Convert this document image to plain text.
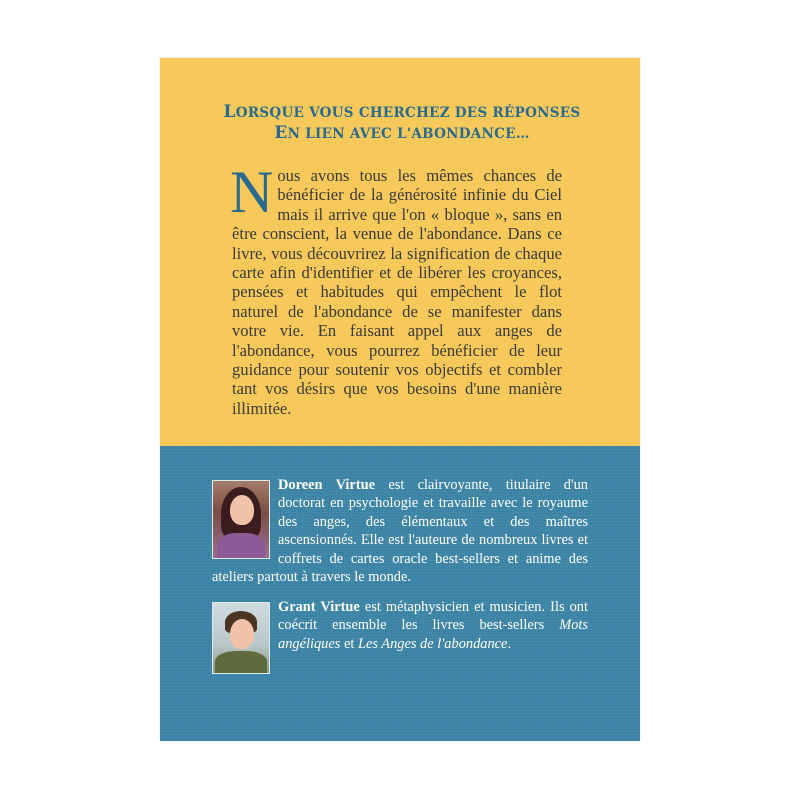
LORSQUE VOUS CHERCHEZ DES RÉPONSES
EN LIEN AVEC L'ABONDANCE…
Nous avons tous les mêmes chances de bénéficier de la générosité infinie du Ciel mais il arrive que l'on « bloque », sans en être conscient, la venue de l'abondance. Dans ce livre, vous découvrirez la signification de chaque carte afin d'identifier et de libérer les croyances, pensées et habitudes qui empêchent le flot naturel de l'abondance de se manifester dans votre vie. En faisant appel aux anges de l'abondance, vous pourrez bénéficier de leur guidance pour soutenir vos objectifs et combler tant vos désirs que vos besoins d'une manière illimitée.

Doreen Virtue est clairvoyante, titulaire d'un doctorat en psychologie et travaille avec le royaume des anges, des élémentaux et des maîtres ascensionnés. Elle est l'auteure de nombreux livres et coffrets de cartes oracle best-sellers et anime des ateliers partout à travers le monde.

Grant Virtue est métaphysicien et musicien. Ils ont coécrit ensemble les livres best-sellers Mots angéliques et Les Anges de l'abondance.
